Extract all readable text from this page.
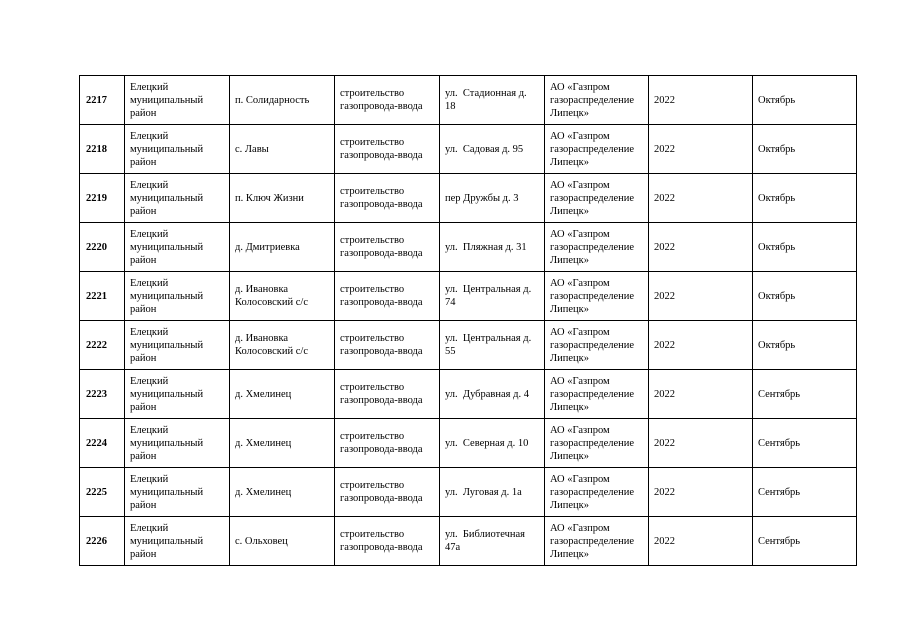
2217	Елецкий муниципальный район	п. Солидарность	строительство газопровода-ввода	ул.  Стадионная д. 18	АО «Газпром газораспределение Липецк»	2022	Октябрь
2218	Елецкий муниципальный район	с. Лавы	строительство газопровода-ввода	ул.  Садовая д. 95	АО «Газпром газораспределение Липецк»	2022	Октябрь
2219	Елецкий муниципальный район	п. Ключ Жизни	строительство газопровода-ввода	пер Дружбы д. 3	АО «Газпром газораспределение Липецк»	2022	Октябрь
2220	Елецкий муниципальный район	д. Дмитриевка	строительство газопровода-ввода	ул.  Пляжная д. 31	АО «Газпром газораспределение Липецк»	2022	Октябрь
2221	Елецкий муниципальный район	д. Ивановка Колосовский с/с	строительство газопровода-ввода	ул.  Центральная д. 74	АО «Газпром газораспределение Липецк»	2022	Октябрь
2222	Елецкий муниципальный район	д. Ивановка Колосовский с/с	строительство газопровода-ввода	ул.  Центральная д. 55	АО «Газпром газораспределение Липецк»	2022	Октябрь
2223	Елецкий муниципальный район	д. Хмелинец	строительство газопровода-ввода	ул.  Дубравная д. 4	АО «Газпром газораспределение Липецк»	2022	Сентябрь
2224	Елецкий муниципальный район	д. Хмелинец	строительство газопровода-ввода	ул.  Северная д. 10	АО «Газпром газораспределение Липецк»	2022	Сентябрь
2225	Елецкий муниципальный район	д. Хмелинец	строительство газопровода-ввода	ул.  Луговая д. 1а	АО «Газпром газораспределение Липецк»	2022	Сентябрь
2226	Елецкий муниципальный район	с. Ольховец	строительство газопровода-ввода	ул.  Библиотечная 47а	АО «Газпром газораспределение Липецк»	2022	Сентябрь
